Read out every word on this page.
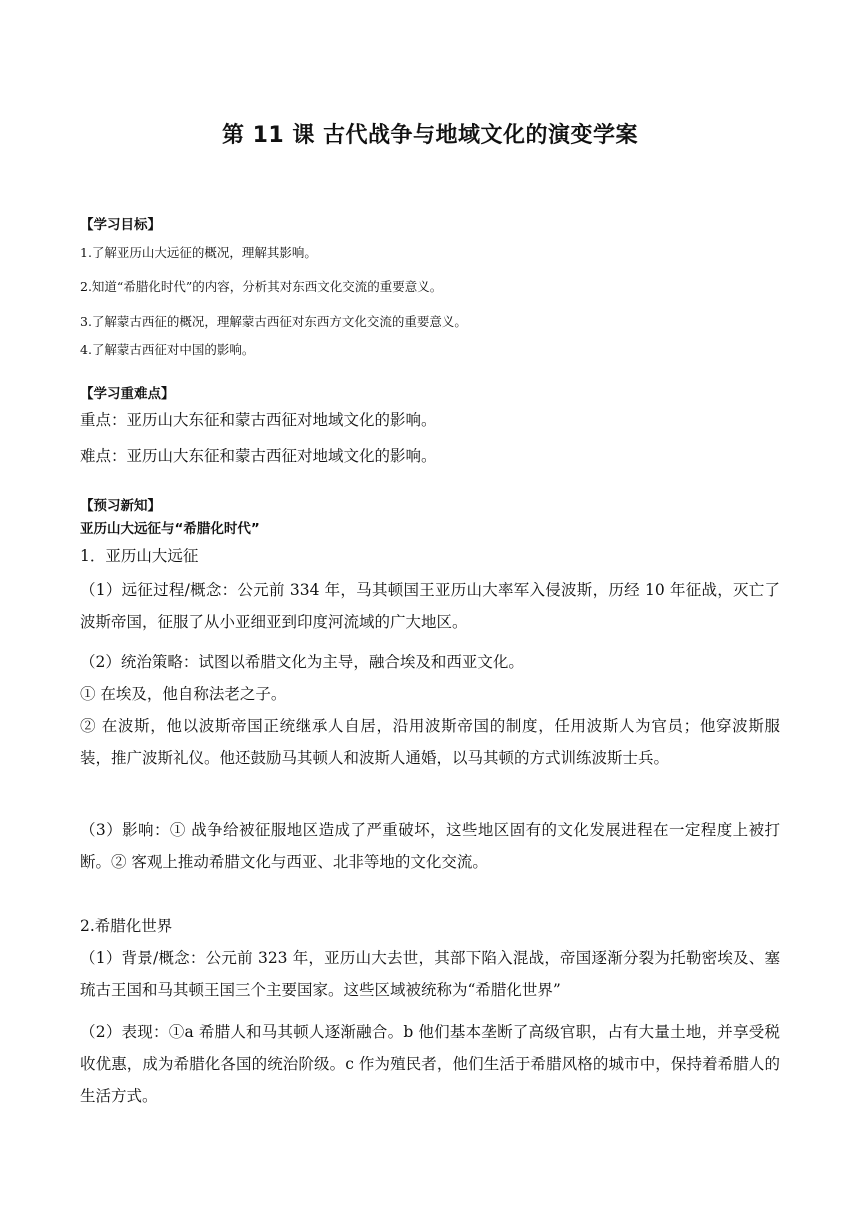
第 11 课 古代战争与地域文化的演变学案
【学习目标】
1.了解亚历山大远征的概况，理解其影响。
2.知道“希腊化时代”的内容，分析其对东西文化交流的重要意义。
3.了解蒙古西征的概况，理解蒙古西征对东西方文化交流的重要意义。
4.了解蒙古西征对中国的影响。
【学习重难点】
重点：亚历山大东征和蒙古西征对地域文化的影响。
难点：亚历山大东征和蒙古西征对地域文化的影响。
【预习新知】
亚历山大远征与“希腊化时代”
1．亚历山大远征
（1）远征过程/概念：公元前 334 年，马其顿国王亚历山大率军入侵波斯，历经 10 年征战，灭亡了波斯帝国，征服了从小亚细亚到印度河流域的广大地区。
（2）统治策略：试图以希腊文化为主导，融合埃及和西亚文化。
① 在埃及，他自称法老之子。
② 在波斯，他以波斯帝国正统继承人自居，沿用波斯帝国的制度，任用波斯人为官员；他穿波斯服装，推广波斯礼仪。他还鼓励马其顿人和波斯人通婚，以马其顿的方式训练波斯士兵。
（3）影响：① 战争给被征服地区造成了严重破坏，这些地区固有的文化发展进程在一定程度上被打断。② 客观上推动希腊文化与西亚、北非等地的文化交流。
2.希腊化世界
（1）背景/概念：公元前 323 年，亚历山大去世，其部下陷入混战，帝国逐渐分裂为托勒密埃及、塞琉古王国和马其顿王国三个主要国家。这些区域被统称为“希腊化世界”
（2）表现：①a 希腊人和马其顿人逐渐融合。b 他们基本垄断了高级官职，占有大量土地，并享受税收优惠，成为希腊化各国的统治阶级。c 作为殖民者，他们生活于希腊风格的城市中，保持着希腊人的生活方式。
